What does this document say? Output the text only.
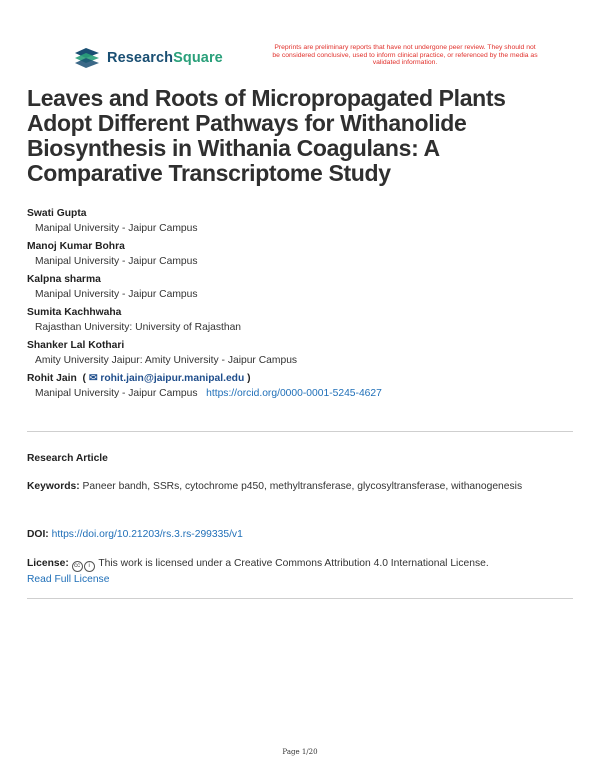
ResearchSquare
Preprints are preliminary reports that have not undergone peer review. They should not be considered conclusive, used to inform clinical practice, or referenced by the media as validated information.
Leaves and Roots of Micropropagated Plants Adopt Different Pathways for Withanolide Biosynthesis in Withania Coagulans: A Comparative Transcriptome Study
Swati Gupta
Manipal University - Jaipur Campus
Manoj Kumar Bohra
Manipal University - Jaipur Campus
Kalpna sharma
Manipal University - Jaipur Campus
Sumita Kachhwaha
Rajasthan University: University of Rajasthan
Shanker Lal Kothari
Amity University Jaipur: Amity University - Jaipur Campus
Rohit Jain ( ✉ rohit.jain@jaipur.manipal.edu )
Manipal University - Jaipur Campus https://orcid.org/0000-0001-5245-4627
Research Article
Keywords: Paneer bandh, SSRs, cytochrome p450, methyltransferase, glycosyltransferase, withanogenesis
DOI: https://doi.org/10.21203/rs.3.rs-299335/v1
License: cc i This work is licensed under a Creative Commons Attribution 4.0 International License.
Read Full License
Page 1/20
